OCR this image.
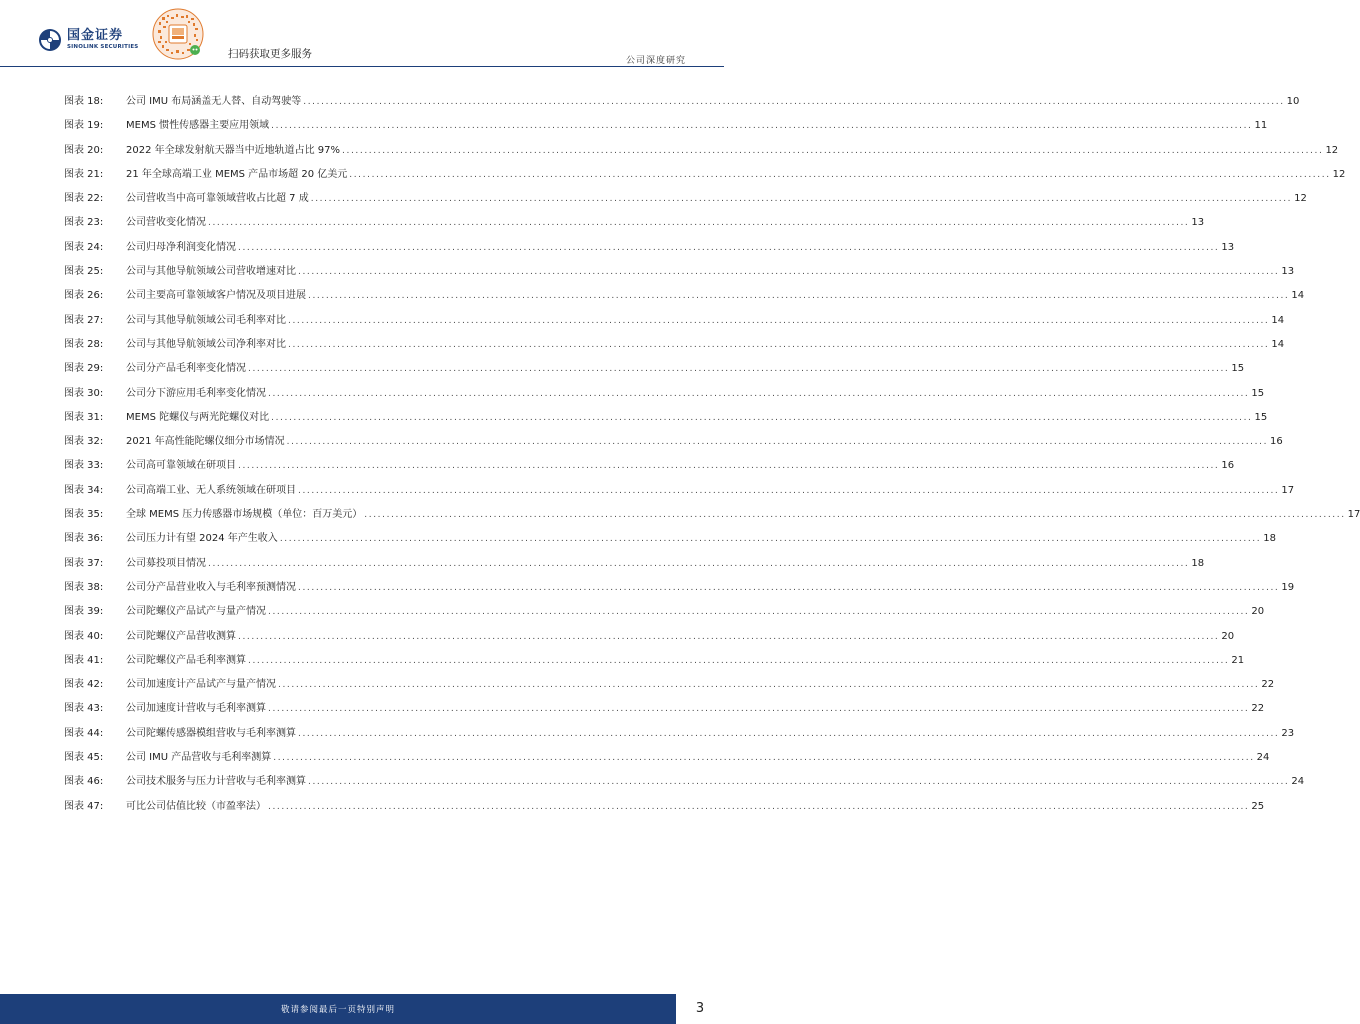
国金证券
SINOLINK SECURITIES
扫码获取更多服务
公司深度研究
图表 18:	公司 IMU 布局涵盖无人替、自动驾驶等 ............................................................................................................................................................................................................................ 10
图表 19:	MEMS 惯性传感器主要应用领域 ............................................................................................................................................................................................................................ 11
图表 20:	2022 年全球发射航天器当中近地轨道占比 97% ............................................................................................................................................................................................................................ 12
图表 21:	21 年全球高端工业 MEMS 产品市场超 20 亿美元 ............................................................................................................................................................................................................................ 12
图表 22:	公司营收当中高可靠领域营收占比超 7 成 ............................................................................................................................................................................................................................ 12
图表 23:	公司营收变化情况 ............................................................................................................................................................................................................................ 13
图表 24:	公司归母净利润变化情况 ............................................................................................................................................................................................................................ 13
图表 25:	公司与其他导航领域公司营收增速对比 ............................................................................................................................................................................................................................ 13
图表 26:	公司主要高可靠领域客户情况及项目进展 ............................................................................................................................................................................................................................ 14
图表 27:	公司与其他导航领域公司毛利率对比 ............................................................................................................................................................................................................................ 14
图表 28:	公司与其他导航领域公司净利率对比 ............................................................................................................................................................................................................................ 14
图表 29:	公司分产品毛利率变化情况 ............................................................................................................................................................................................................................ 15
图表 30:	公司分下游应用毛利率变化情况 ............................................................................................................................................................................................................................ 15
图表 31:	MEMS 陀螺仪与两光陀螺仪对比 ............................................................................................................................................................................................................................ 15
图表 32:	2021 年高性能陀螺仪细分市场情况 ............................................................................................................................................................................................................................ 16
图表 33:	公司高可靠领域在研项目 ............................................................................................................................................................................................................................ 16
图表 34:	公司高端工业、无人系统领域在研项目 ............................................................................................................................................................................................................................ 17
图表 35:	全球 MEMS 压力传感器市场规模（单位：百万美元） ............................................................................................................................................................................................................................ 17
图表 36:	公司压力计有望 2024 年产生收入 ............................................................................................................................................................................................................................ 18
图表 37:	公司募投项目情况 ............................................................................................................................................................................................................................ 18
图表 38:	公司分产品营业收入与毛利率预测情况 ............................................................................................................................................................................................................................ 19
图表 39:	公司陀螺仪产品试产与量产情况 ............................................................................................................................................................................................................................ 20
图表 40:	公司陀螺仪产品营收测算 ............................................................................................................................................................................................................................ 20
图表 41:	公司陀螺仪产品毛利率测算 ............................................................................................................................................................................................................................ 21
图表 42:	公司加速度计产品试产与量产情况 ............................................................................................................................................................................................................................ 22
图表 43:	公司加速度计营收与毛利率测算 ............................................................................................................................................................................................................................ 22
图表 44:	公司陀螺传感器模组营收与毛利率测算 ............................................................................................................................................................................................................................ 23
图表 45:	公司 IMU 产品营收与毛利率测算 ............................................................................................................................................................................................................................ 24
图表 46:	公司技术服务与压力计营收与毛利率测算 ............................................................................................................................................................................................................................ 24
图表 47:	可比公司估值比较（市盈率法） ............................................................................................................................................................................................................................ 25
敬请参阅最后一页特别声明	3
